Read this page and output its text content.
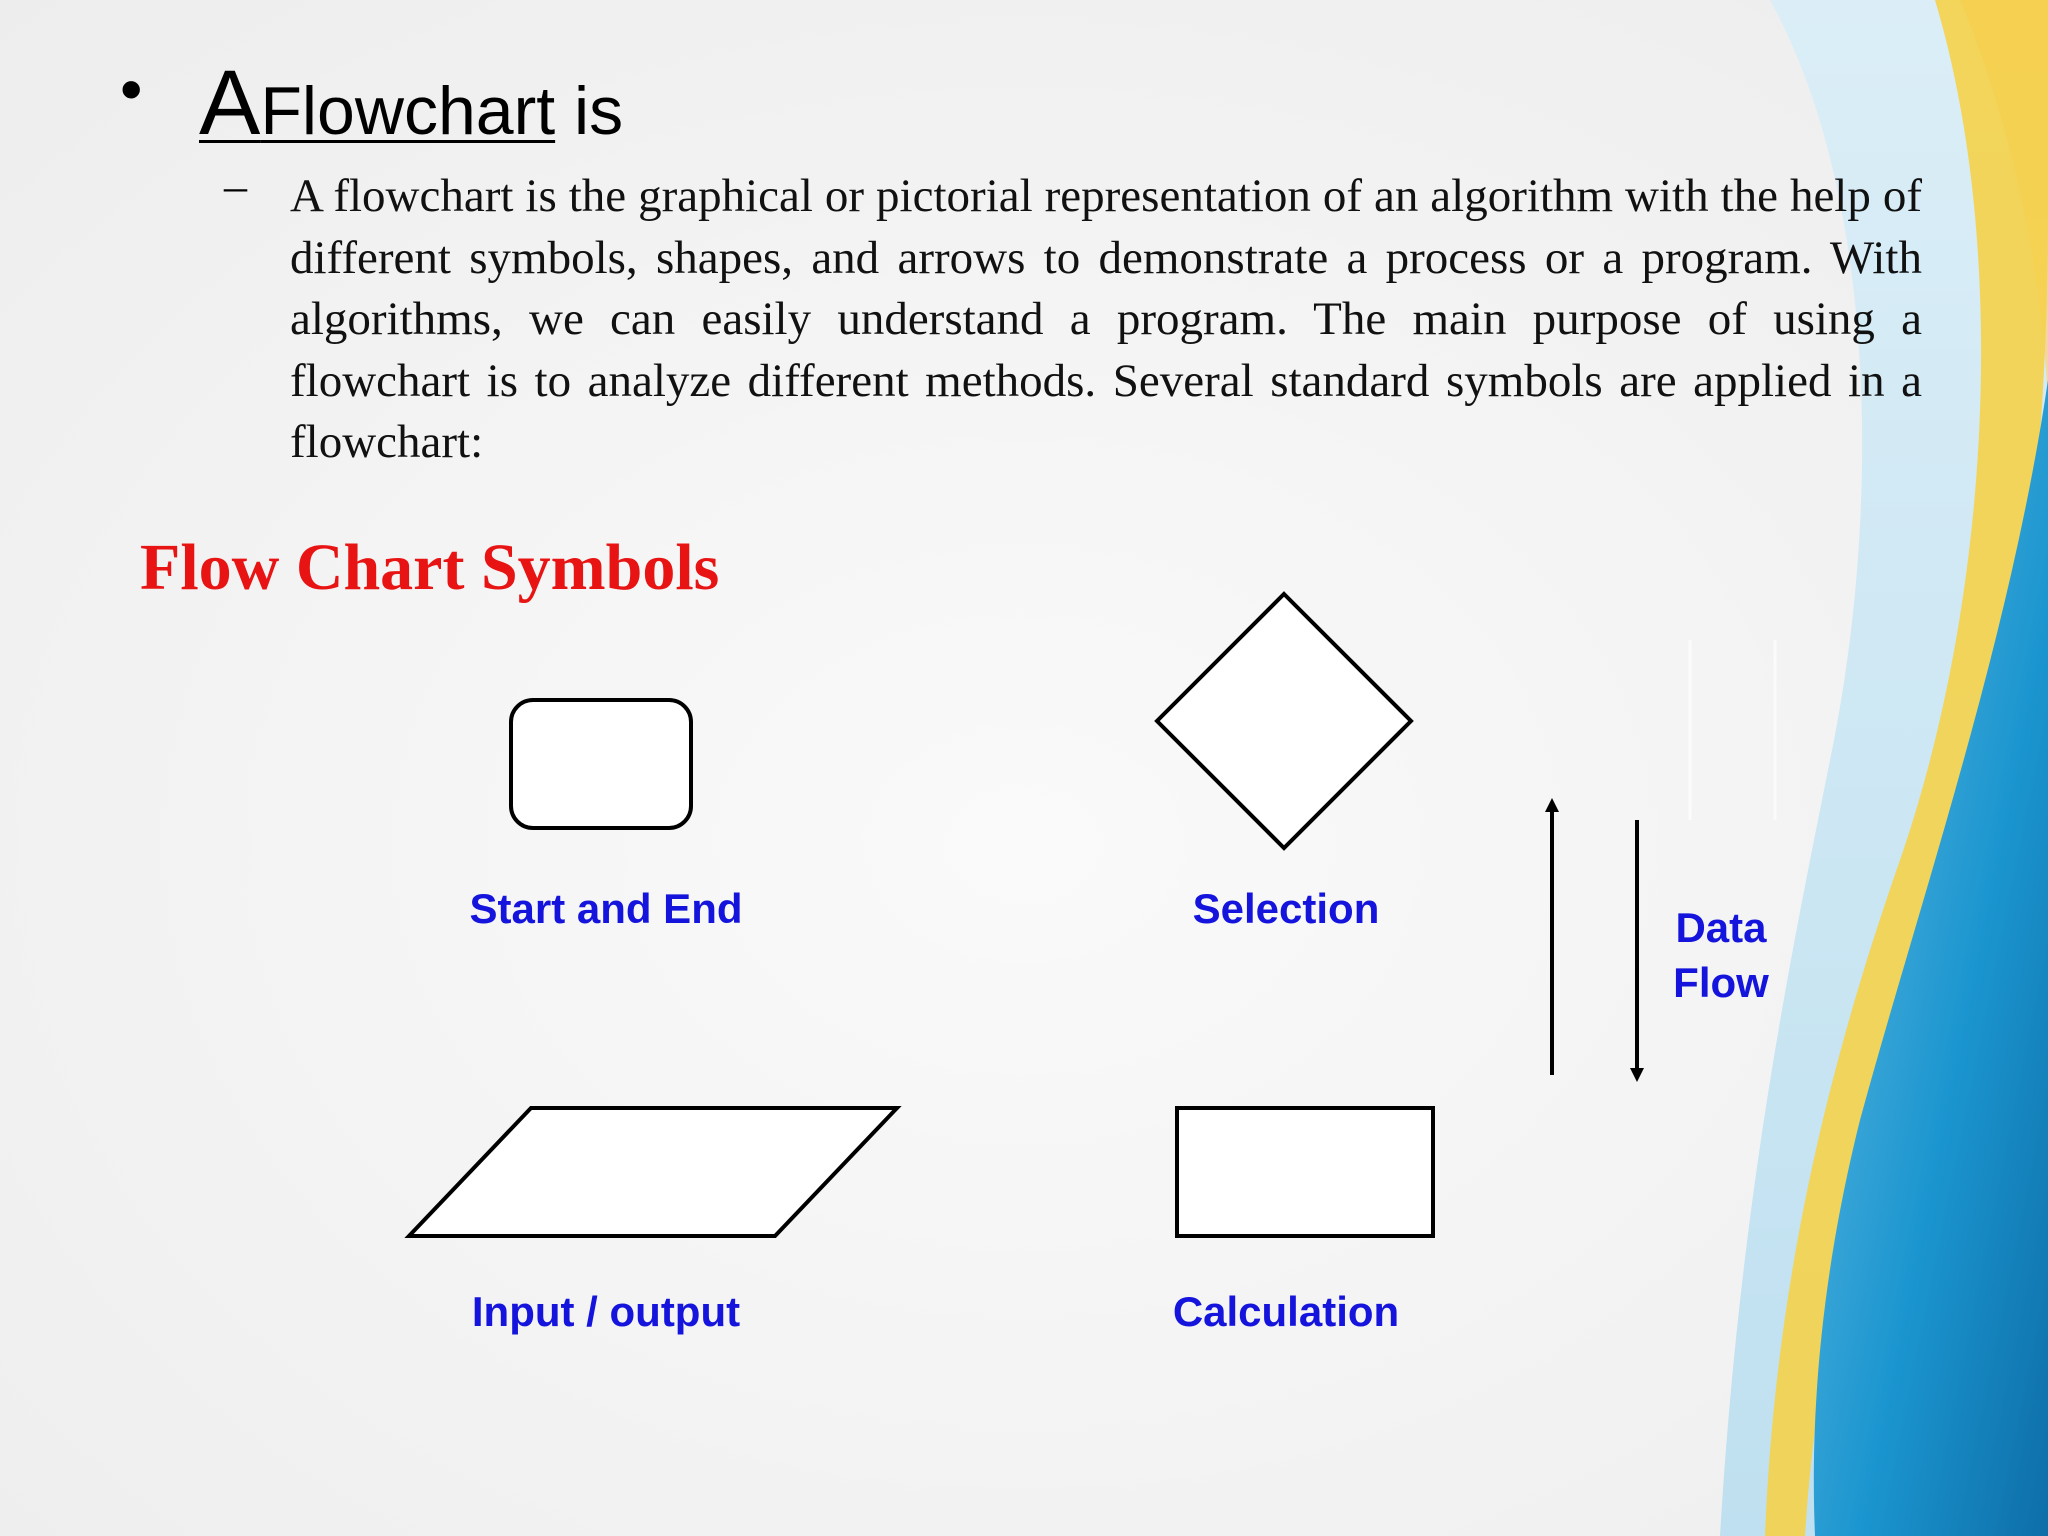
• AFlowchart is
– A flowchart is the graphical or pictorial representation of an algorithm with the help of different symbols, shapes, and arrows to demonstrate a process or a program. With algorithms, we can easily understand a program. The main purpose of using a flowchart is to analyze different methods. Several standard symbols are applied in a flowchart:

Flow Chart Symbols
Start and End	Selection	Data Flow
Input / output	Calculation
